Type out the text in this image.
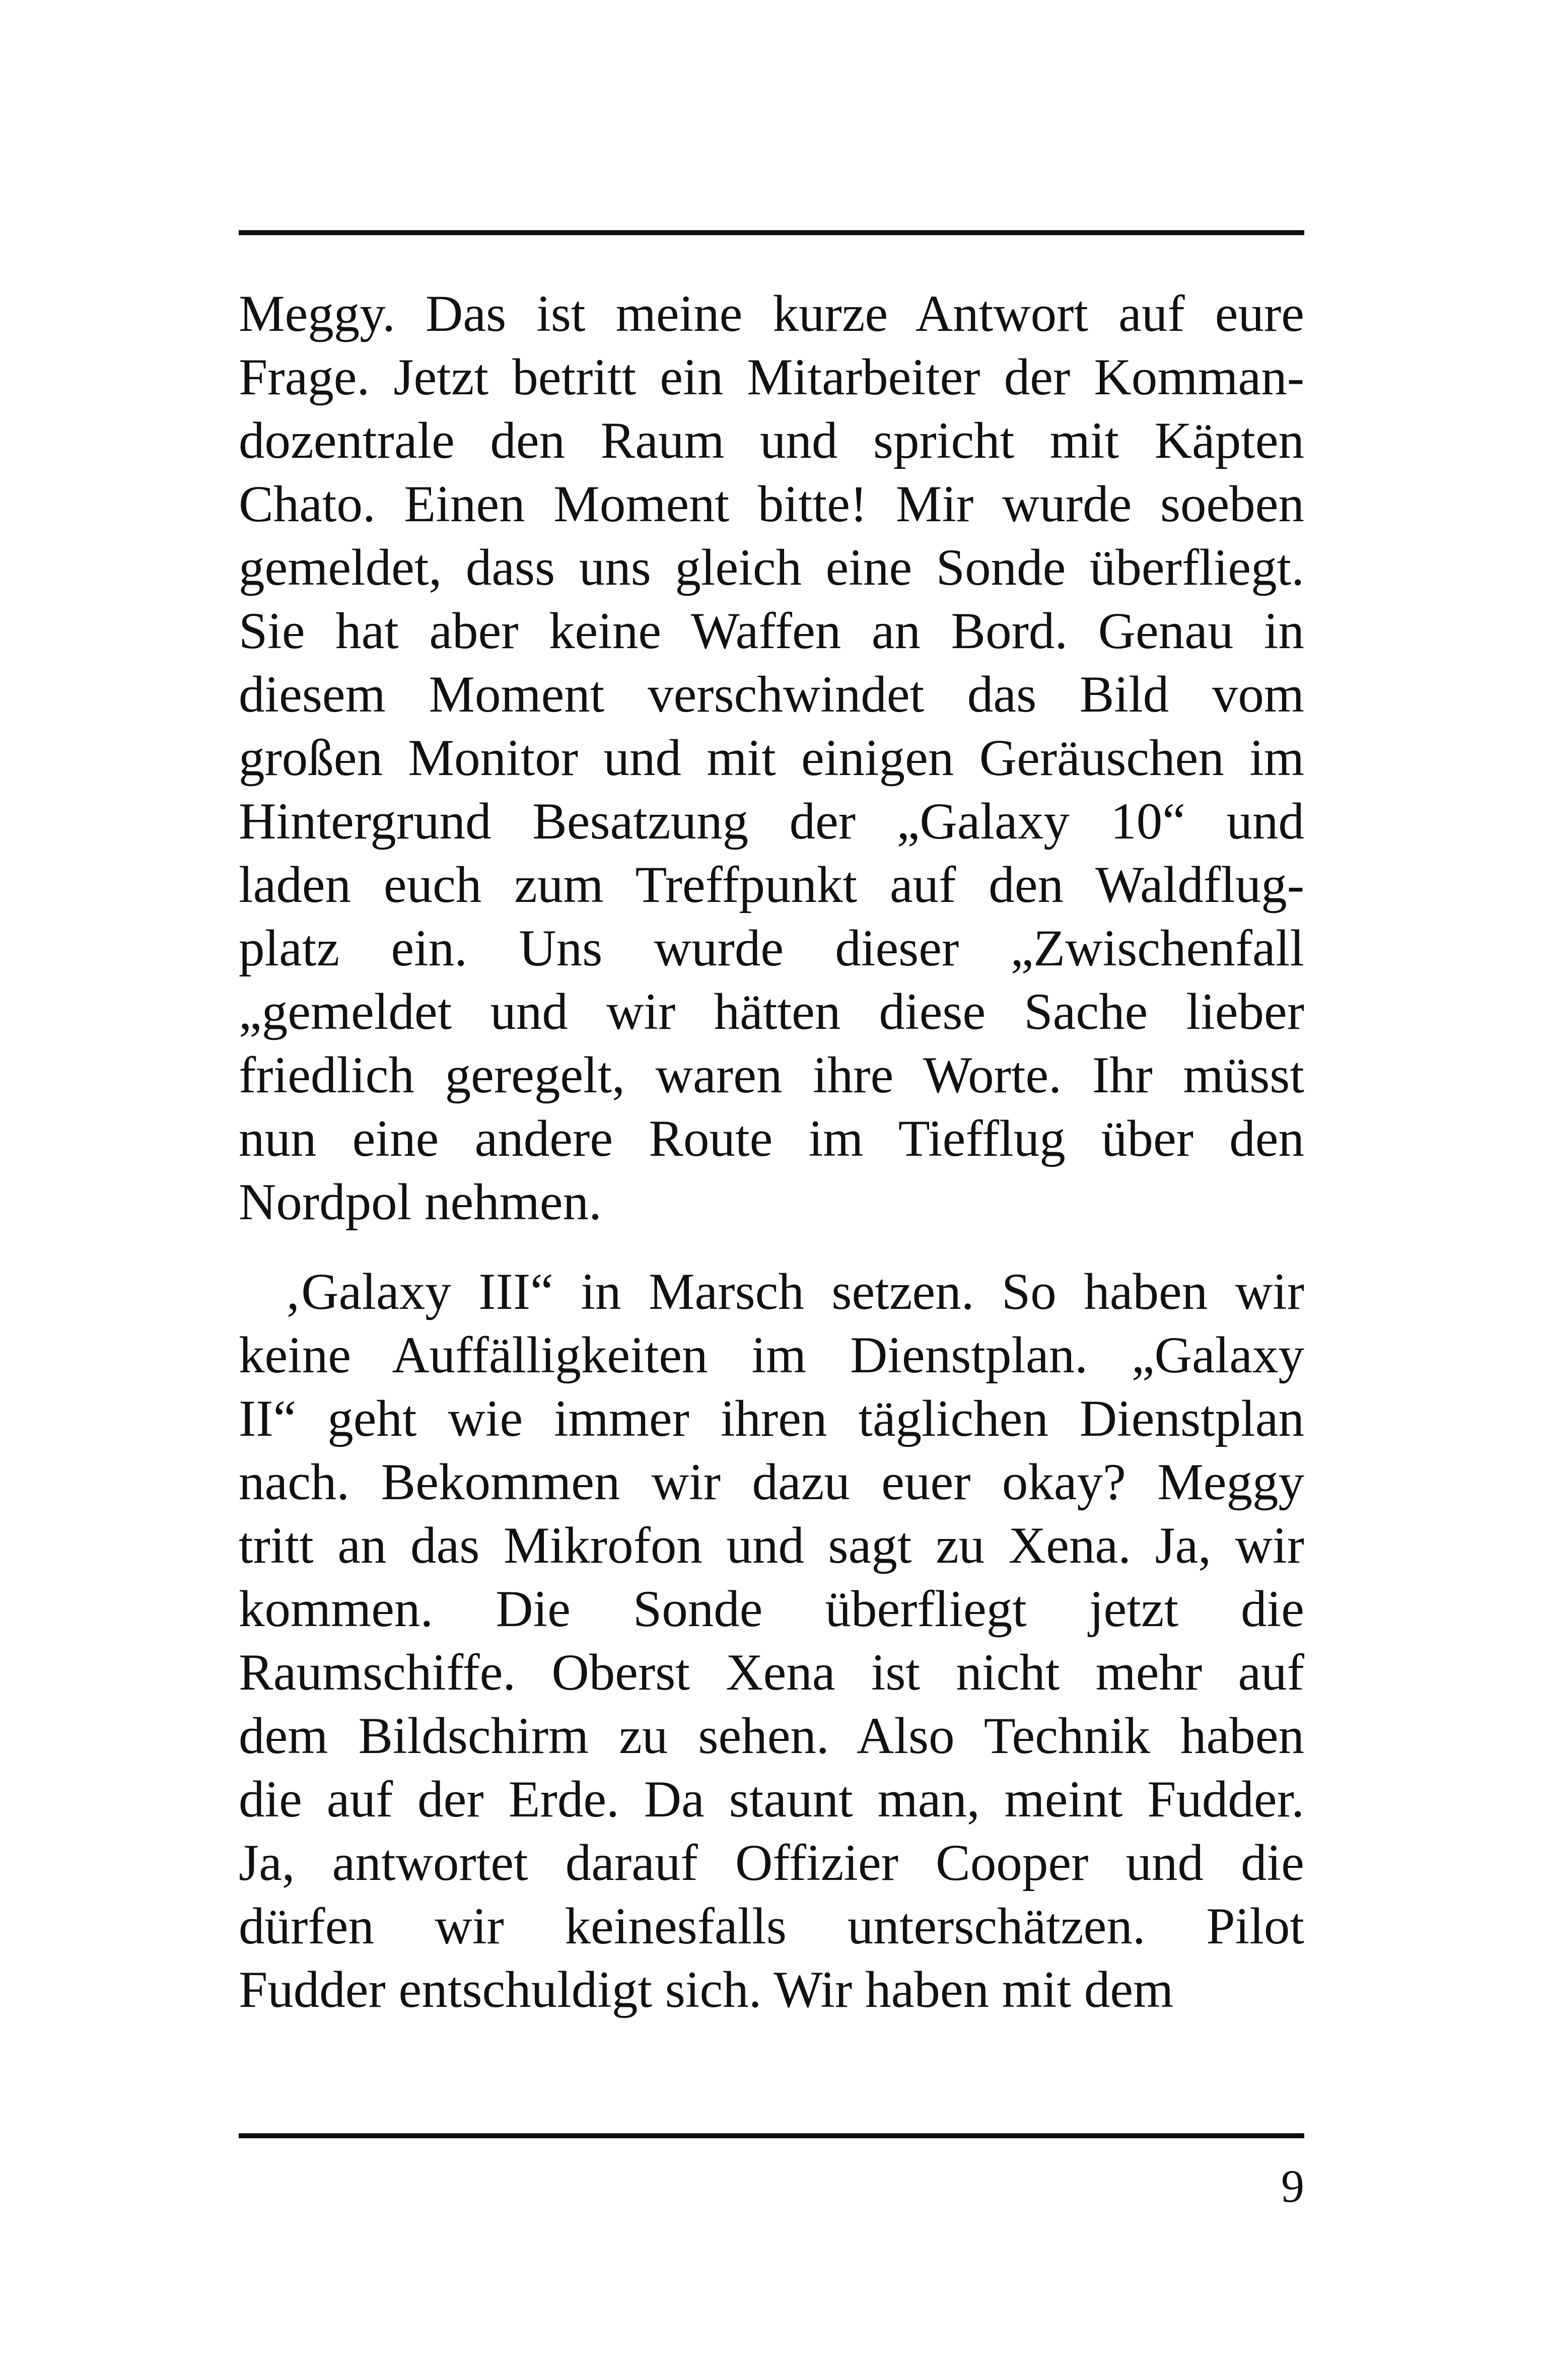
Meggy. Das ist meine kurze Antwort auf eure
Frage. Jetzt betritt ein Mitarbeiter der Komman-
dozentrale den Raum und spricht mit Käpten
Chato. Einen Moment bitte! Mir wurde soeben
gemeldet, dass uns gleich eine Sonde überfliegt.
Sie hat aber keine Waffen an Bord. Genau in
diesem Moment verschwindet das Bild vom
großen Monitor und mit einigen Geräuschen im
Hintergrund Besatzung der „Galaxy 10“ und
laden euch zum Treffpunkt auf den Waldflug-
platz ein. Uns wurde dieser „Zwischenfall
„gemeldet und wir hätten diese Sache lieber
friedlich geregelt, waren ihre Worte. Ihr müsst
nun eine andere Route im Tiefflug über den
Nordpol nehmen.

‚Galaxy III“ in Marsch setzen. So haben wir
keine Auffälligkeiten im Dienstplan. „Galaxy
II“ geht wie immer ihren täglichen Dienstplan
nach. Bekommen wir dazu euer okay? Meggy
tritt an das Mikrofon und sagt zu Xena. Ja, wir
kommen. Die Sonde überfliegt jetzt die
Raumschiffe. Oberst Xena ist nicht mehr auf
dem Bildschirm zu sehen. Also Technik haben
die auf der Erde. Da staunt man, meint Fudder.
Ja, antwortet darauf Offizier Cooper und die
dürfen wir keinesfalls unterschätzen. Pilot
Fudder entschuldigt sich. Wir haben mit dem

9
